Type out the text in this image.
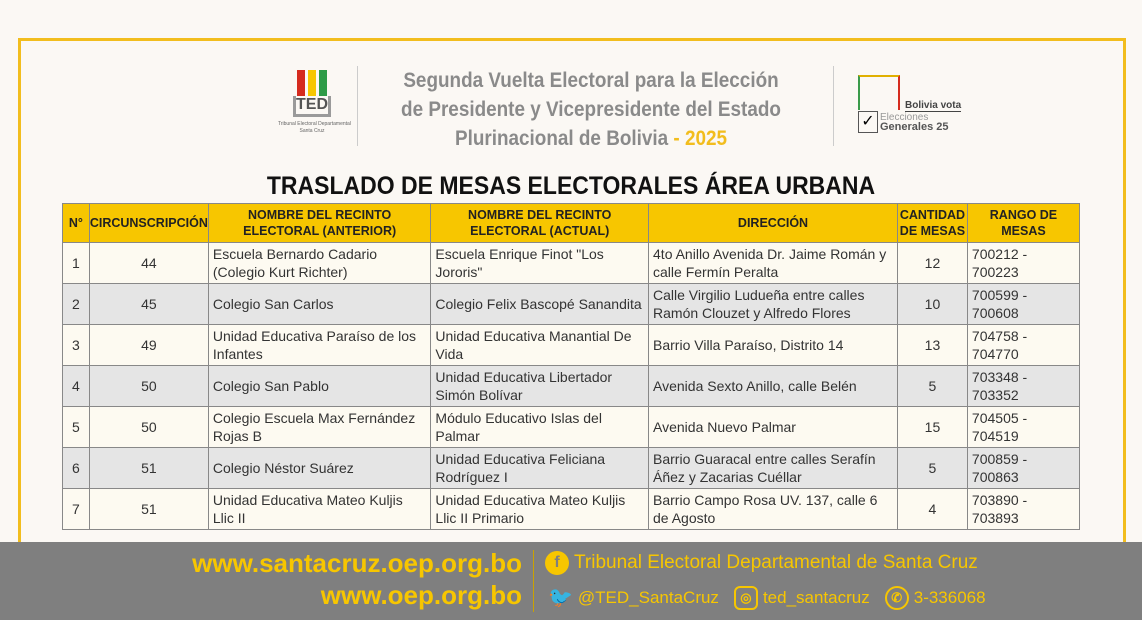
TED
Tribunal Electoral Departamental
Santa Cruz
Segunda Vuelta Electoral para la Elección
de Presidente y Vicepresidente del Estado
Plurinacional de Bolivia - 2025
Bolivia vota
✓ Elecciones
Generales 25
TRASLADO DE MESAS ELECTORALES ÁREA URBANA
N°	CIRCUNSCRIPCIÓN	NOMBRE DEL RECINTO ELECTORAL (ANTERIOR)	NOMBRE DEL RECINTO ELECTORAL (ACTUAL)	DIRECCIÓN	CANTIDAD DE MESAS	RANGO DE MESAS
1	44	Escuela Bernardo Cadario (Colegio Kurt Richter)	Escuela Enrique Finot "Los Jororis"	4to Anillo Avenida Dr. Jaime Román y calle Fermín Peralta	12	700212 - 700223
2	45	Colegio San Carlos	Colegio Felix Bascopé Sanandita	Calle Virgilio Ludueña entre calles Ramón Clouzet y Alfredo Flores	10	700599 - 700608
3	49	Unidad Educativa Paraíso de los Infantes	Unidad Educativa Manantial De Vida	Barrio Villa Paraíso, Distrito 14	13	704758 - 704770
4	50	Colegio San Pablo	Unidad Educativa Libertador Simón Bolívar	Avenida Sexto Anillo, calle Belén	5	703348 - 703352
5	50	Colegio Escuela Max Fernández Rojas B	Módulo Educativo Islas del Palmar	Avenida Nuevo Palmar	15	704505 - 704519
6	51	Colegio Néstor Suárez	Unidad Educativa Feliciana Rodríguez I	Barrio Guaracal entre calles Serafín Áñez y Zacarias Cuéllar	5	700859 - 700863
7	51	Unidad Educativa Mateo Kuljis Llic II	Unidad Educativa Mateo Kuljis Llic II Primario	Barrio Campo Rosa UV. 137, calle 6 de Agosto	4	703890 - 703893
www.santacruz.oep.org.bo
www.oep.org.bo
f Tribunal Electoral Departamental de Santa Cruz
🐦 @TED_SantaCruz	◎ ted_santacruz	✆ 3-336068
